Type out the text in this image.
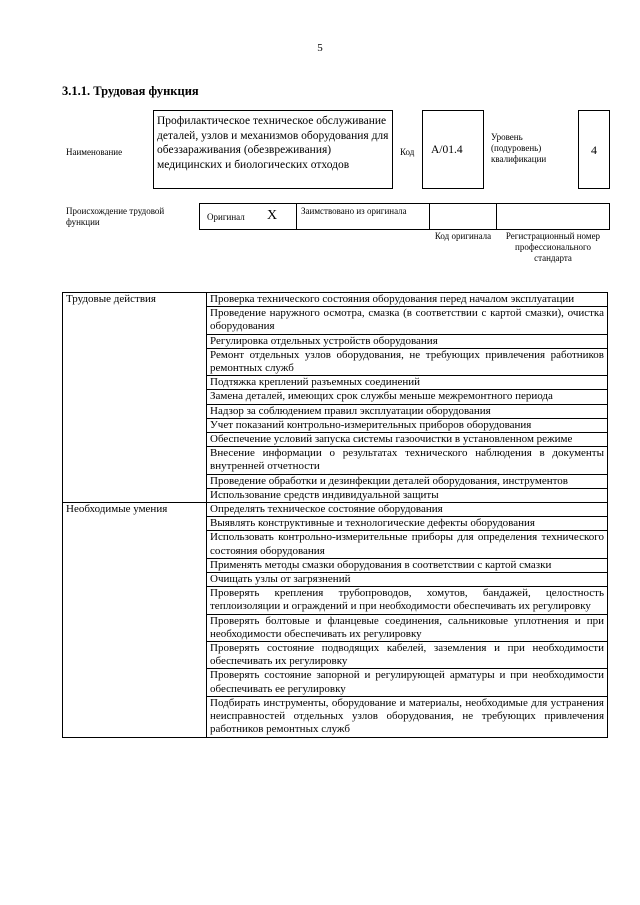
5
3.1.1. Трудовая функция
Наименование
Профилактическое техническое обслуживание деталей, узлов и механизмов оборудования для обеззараживания (обезвреживания) медицинских и биологических отходов
Код	А/01.4
Уровень (подуровень) квалификации
4
Происхождение трудовой функции	Оригинал X	Заимствовано из оригинала
Код оригинала	Регистрационный номер профессионального стандарта
Трудовые действия	Проверка технического состояния оборудования перед началом эксплуатации
	Проведение наружного осмотра, смазка (в соответствии с картой смазки), очистка оборудования
	Регулировка отдельных устройств оборудования
	Ремонт отдельных узлов оборудования, не требующих привлечения работников ремонтных служб
	Подтяжка креплений разъемных соединений
	Замена деталей, имеющих срок службы меньше межремонтного периода
	Надзор за соблюдением правил эксплуатации оборудования
	Учет показаний контрольно-измерительных приборов оборудования
	Обеспечение условий запуска системы газоочистки в установленном режиме
	Внесение информации о результатах технического наблюдения в документы внутренней отчетности
	Проведение обработки и дезинфекции деталей оборудования, инструментов
	Использование средств индивидуальной защиты
Необходимые умения	Определять техническое состояние оборудования
	Выявлять конструктивные и технологические дефекты оборудования
	Использовать контрольно-измерительные приборы для определения технического состояния оборудования
	Применять методы смазки оборудования в соответствии с картой смазки
	Очищать узлы от загрязнений
	Проверять крепления трубопроводов, хомутов, бандажей, целостность теплоизоляции и ограждений и при необходимости обеспечивать их регулировку
	Проверять болтовые и фланцевые соединения, сальниковые уплотнения и при необходимости обеспечивать их регулировку
	Проверять состояние подводящих кабелей, заземления и при необходимости обеспечивать их регулировку
	Проверять состояние запорной и регулирующей арматуры и при необходимости обеспечивать ее регулировку
	Подбирать инструменты, оборудование и материалы, необходимые для устранения неисправностей отдельных узлов оборудования, не требующих привлечения работников ремонтных служб
